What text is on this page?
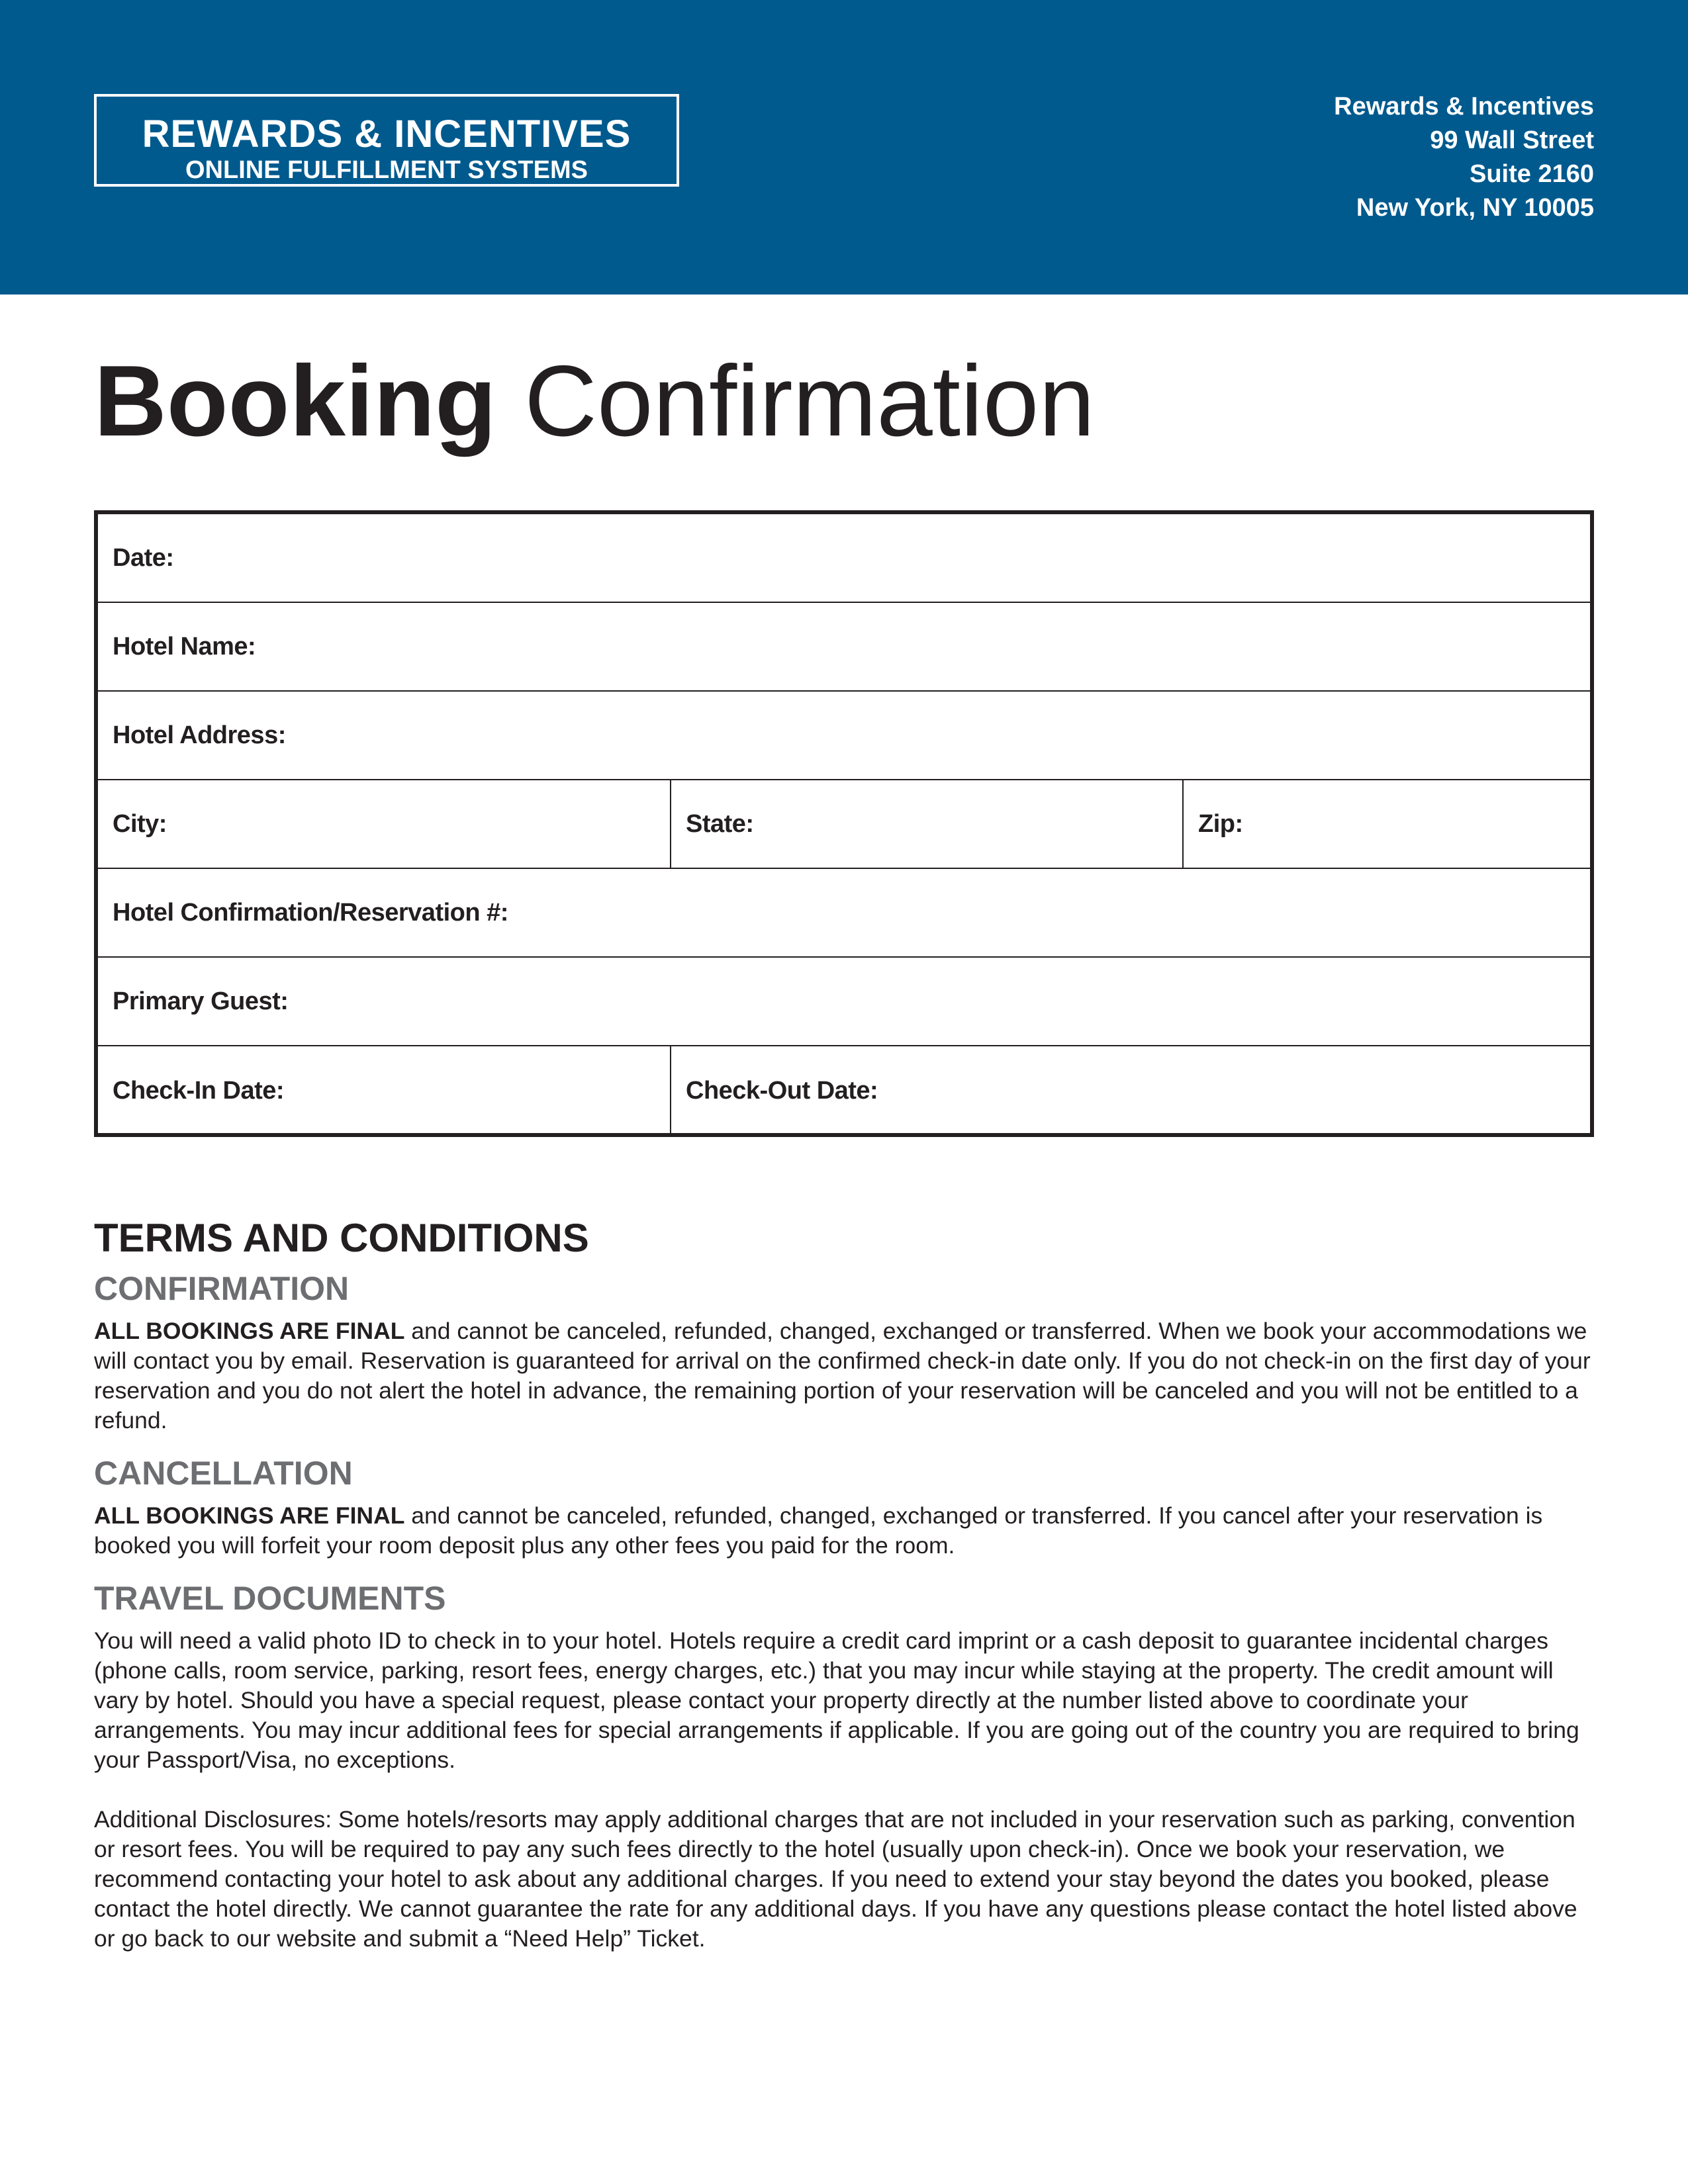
REWARDS & INCENTIVES
ONLINE FULFILLMENT SYSTEMS
Rewards & Incentives
99 Wall Street
Suite 2160
New York, NY 10005
Booking Confirmation
Date:
Hotel Name:
Hotel Address:
City:	State:	Zip:
Hotel Confirmation/Reservation #:
Primary Guest:
Check-In Date:	Check-Out Date:
TERMS AND CONDITIONS
CONFIRMATION

ALL BOOKINGS ARE FINAL and cannot be canceled, refunded, changed, exchanged or transferred. When we book your accommodations we will contact you by email. Reservation is guaranteed for arrival on the confirmed check-in date only. If you do not check-in on the first day of your reservation and you do not alert the hotel in advance, the remaining portion of your reservation will be canceled and you will not be entitled to a refund.

CANCELLATION

ALL BOOKINGS ARE FINAL and cannot be canceled, refunded, changed, exchanged or transferred. If you cancel after your reservation is booked you will forfeit your room deposit plus any other fees you paid for the room.

TRAVEL DOCUMENTS

You will need a valid photo ID to check in to your hotel. Hotels require a credit card imprint or a cash deposit to guarantee incidental charges (phone calls, room service, parking, resort fees, energy charges, etc.) that you may incur while staying at the property. The credit amount will vary by hotel. Should you have a special request, please contact your property directly at the number listed above to coordinate your arrangements. You may incur additional fees for special arrangements if applicable. If you are going out of the country you are required to bring your Passport/Visa, no exceptions.

Additional Disclosures: Some hotels/resorts may apply additional charges that are not included in your reservation such as parking, convention or resort fees. You will be required to pay any such fees directly to the hotel (usually upon check-in). Once we book your reservation, we recommend contacting your hotel to ask about any additional charges. If you need to extend your stay beyond the dates you booked, please contact the hotel directly. We cannot guarantee the rate for any additional days. If you have any questions please contact the hotel listed above or go back to our website and submit a “Need Help” Ticket.
